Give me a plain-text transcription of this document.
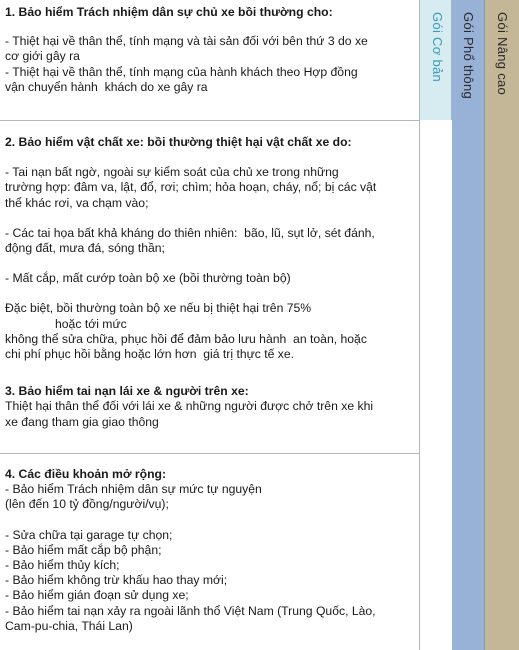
1. Bảo hiểm Trách nhiệm dân sự chủ xe bồi thường cho:

- Thiệt hại về thân thể, tính mạng và tài sản đối với bên thứ 3 do xe

cơ giới gây ra

- Thiệt hại về thân thể, tính mạng của hành khách theo Hợp đồng

vận chuyển hành  khách do xe gây ra

2. Bảo hiểm vật chất xe: bồi thường thiệt hại vật chất xe do:

- Tai nạn bất ngờ, ngoài sự kiểm soát của chủ xe trong những

trường hợp: đâm va, lật, đổ, rơi; chìm; hỏa hoạn, cháy, nổ; bị các vật

thể khác rơi, va chạm vào;

- Các tai họa bất khả kháng do thiên nhiên:  bão, lũ, sụt lở, sét đánh,

động đất, mưa đá, sóng thần;

- Mất cắp, mất cướp toàn bộ xe (bồi thường toàn bộ)

Đặc biệt, bồi thường toàn bộ xe nếu bị thiệt hại trên 75%

hoặc tới mức

không thể sửa chữa, phục hồi để đảm bảo lưu hành  an toàn, hoặc

chi phí phục hồi bằng hoặc lớn hơn  giá trị thực tế xe.

3. Bảo hiểm tai nạn lái xe & người trên xe:

Thiệt hại thân thể đối với lái xe & những người được chở trên xe khi

xe đang tham gia giao thông

4. Các điều khoản mở rộng:

- Bảo hiểm Trách nhiệm dân sự mức tự nguyện

(lên đến 10 tỷ đồng/người/vụ);

- Sửa chữa tại garage tự chọn;

- Bảo hiểm mất cắp bộ phận;

- Bảo hiểm thủy kích;

- Bảo hiểm không trừ khấu hao thay mới;

- Bảo hiểm gián đoạn sử dụng xe;

- Bảo hiểm tai nạn xảy ra ngoài lãnh thổ Việt Nam (Trung Quốc, Lào,

Cam-pu-chia, Thái Lan)

Gói Cơ bản Gói Phổ thông Gói Nâng cao
